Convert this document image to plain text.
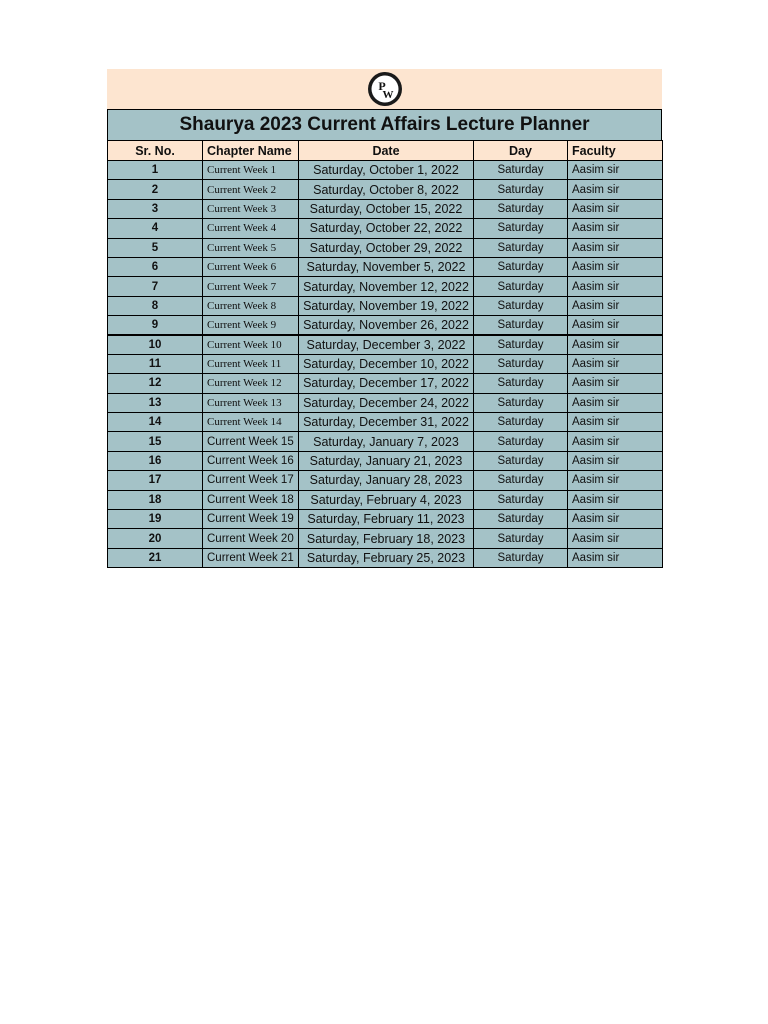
P
W
Shaurya 2023 Current Affairs Lecture Planner
Sr. No.	Chapter Name	Date	Day	Faculty
1	Current Week 1	Saturday, October 1, 2022	Saturday	Aasim sir
2	Current Week 2	Saturday, October 8, 2022	Saturday	Aasim sir
3	Current Week 3	Saturday, October 15, 2022	Saturday	Aasim sir
4	Current Week 4	Saturday, October 22, 2022	Saturday	Aasim sir
5	Current Week 5	Saturday, October 29, 2022	Saturday	Aasim sir
6	Current Week 6	Saturday, November 5, 2022	Saturday	Aasim sir
7	Current Week 7	Saturday, November 12, 2022	Saturday	Aasim sir
8	Current Week 8	Saturday, November 19, 2022	Saturday	Aasim sir
9	Current Week 9	Saturday, November 26, 2022	Saturday	Aasim sir
10	Current Week 10	Saturday, December 3, 2022	Saturday	Aasim sir
11	Current Week 11	Saturday, December 10, 2022	Saturday	Aasim sir
12	Current Week 12	Saturday, December 17, 2022	Saturday	Aasim sir
13	Current Week 13	Saturday, December 24, 2022	Saturday	Aasim sir
14	Current Week 14	Saturday, December 31, 2022	Saturday	Aasim sir
15	Current Week 15	Saturday, January 7, 2023	Saturday	Aasim sir
16	Current Week 16	Saturday, January 21, 2023	Saturday	Aasim sir
17	Current Week 17	Saturday, January 28, 2023	Saturday	Aasim sir
18	Current Week 18	Saturday, February 4, 2023	Saturday	Aasim sir
19	Current Week 19	Saturday, February 11, 2023	Saturday	Aasim sir
20	Current Week 20	Saturday, February 18, 2023	Saturday	Aasim sir
21	Current Week 21	Saturday, February 25, 2023	Saturday	Aasim sir
